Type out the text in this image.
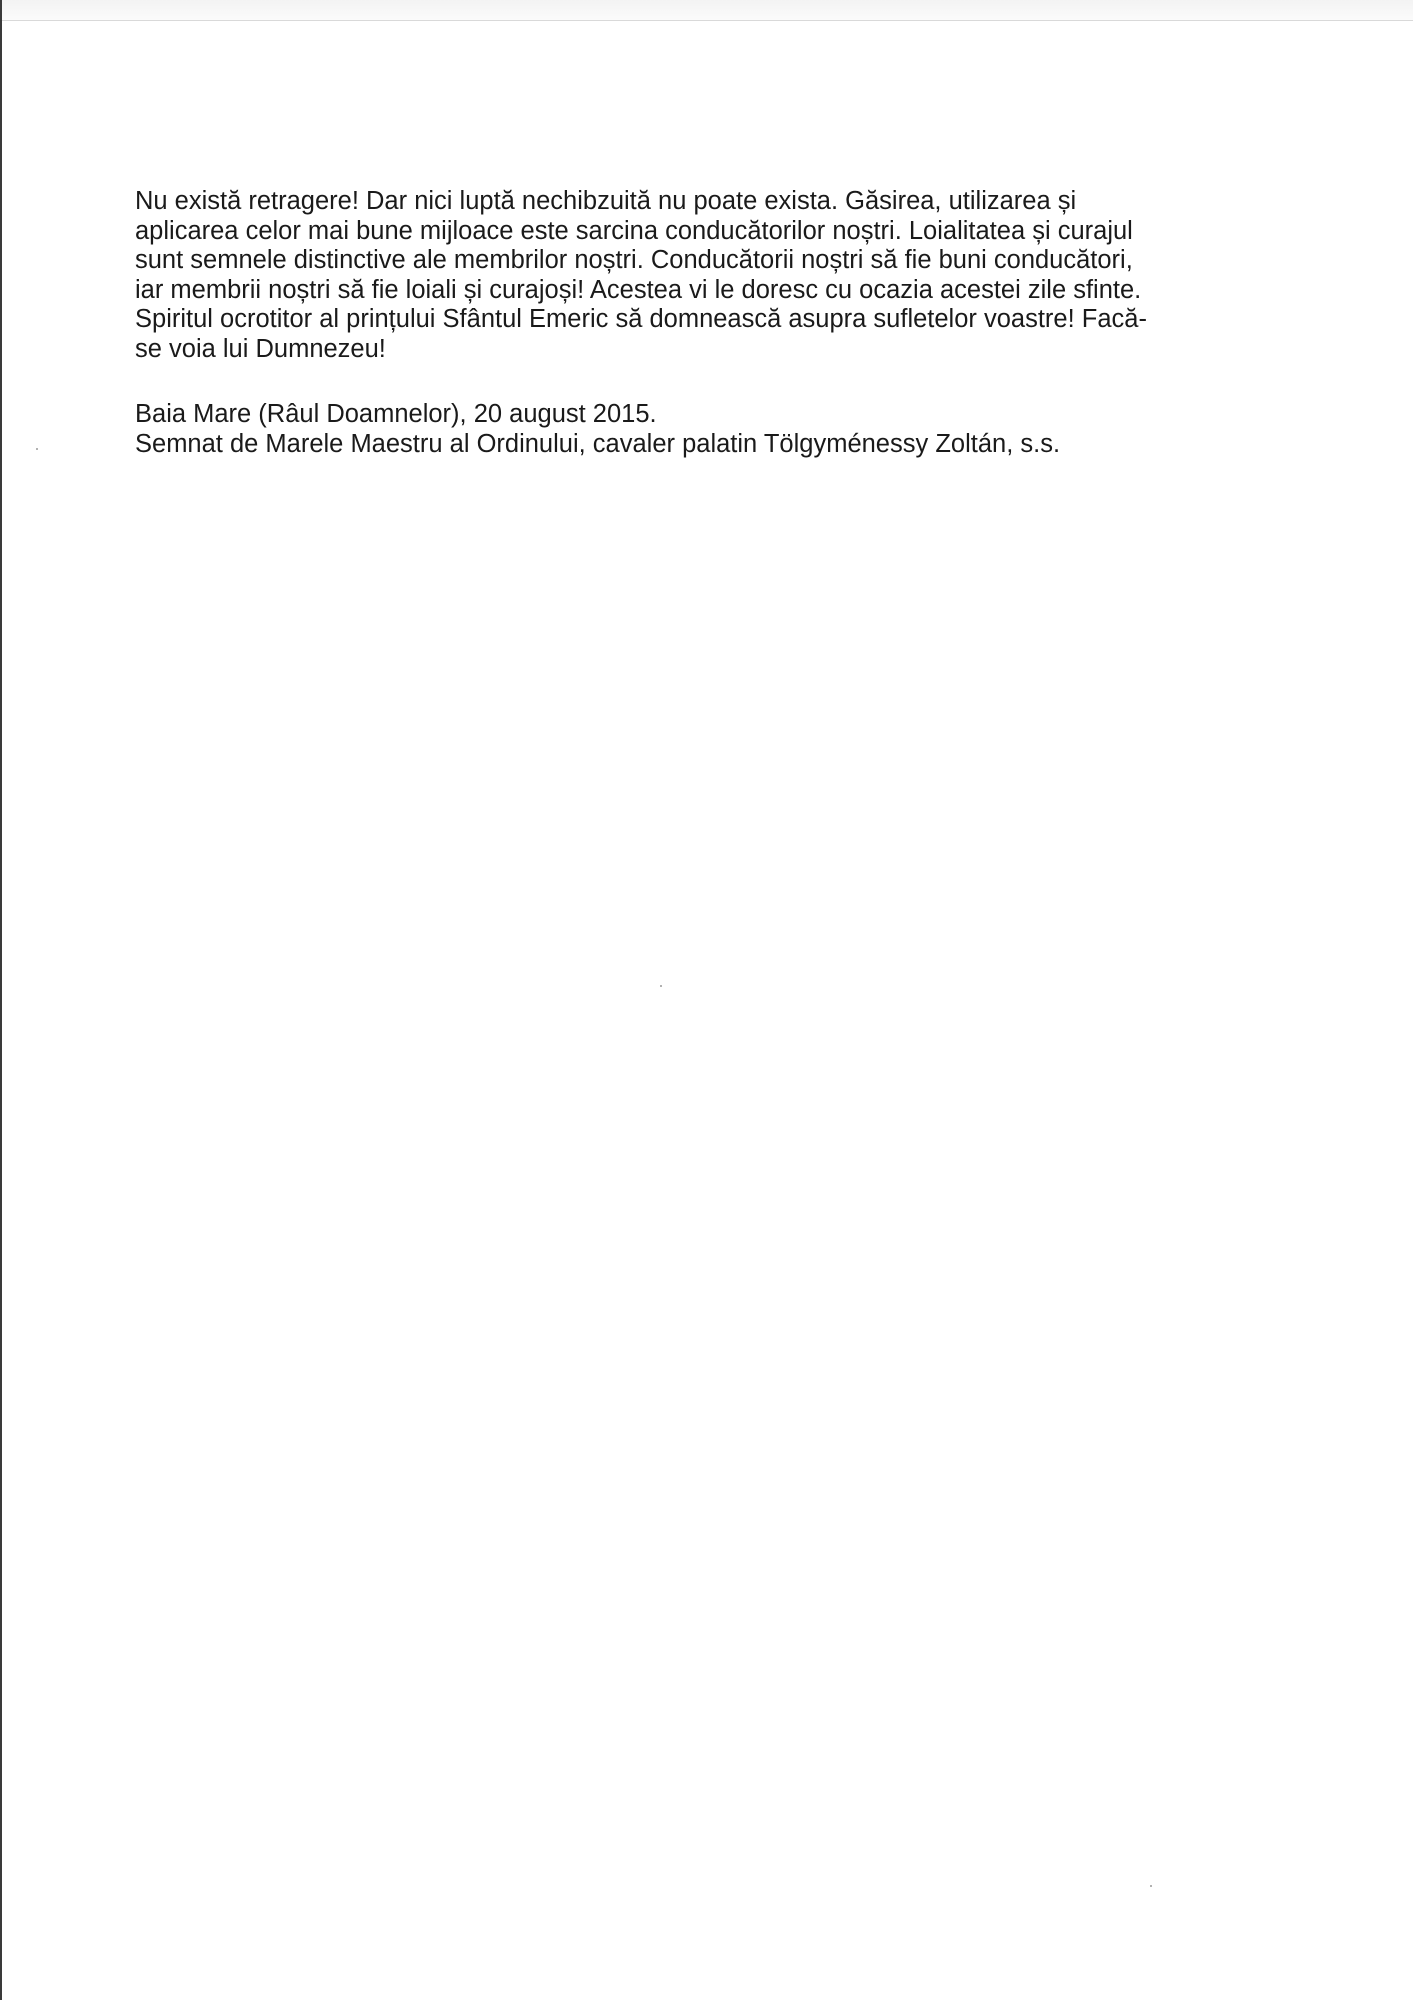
Nu există retragere! Dar nici luptă nechibzuită nu poate exista. Găsirea, utilizarea și
aplicarea celor mai bune mijloace este sarcina conducătorilor noștri. Loialitatea și curajul
sunt semnele distinctive ale membrilor noștri. Conducătorii noștri să fie buni conducători,
iar membrii noștri să fie loiali și curajoși! Acestea vi le doresc cu ocazia acestei zile sfinte.
Spiritul ocrotitor al prințului Sfântul Emeric să domnească asupra sufletelor voastre! Facă-
se voia lui Dumnezeu!
Baia Mare (Râul Doamnelor), 20 august 2015.
Semnat de Marele Maestru al Ordinului, cavaler palatin Tölgyménessy Zoltán, s.s.
